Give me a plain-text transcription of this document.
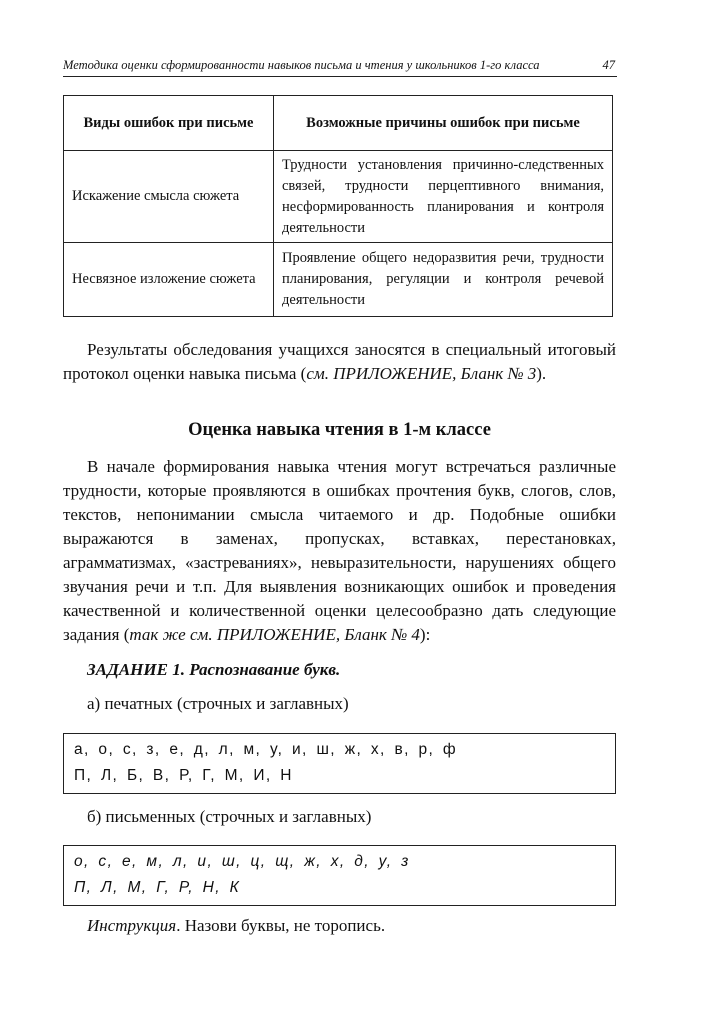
Методика оценки сформированности навыков письма и чтения у школьников 1-го класса	47
Виды ошибок при письме	Возможные причины ошибок при письме
Искажение смысла сюжета	Трудности установления причинно-следственных связей, трудности перцептивного внимания, несформированность планирования и контроля деятельности
Несвязное изложение сюжета	Проявление общего недоразвития речи, трудности планирования, регуляции и контроля речевой деятельности
Результаты обследования учащихся заносятся в специальный итоговый протокол оценки навыка письма (см. ПРИЛОЖЕНИЕ, Бланк № 3).
Оценка навыка чтения в 1-м классе
В начале формирования навыка чтения могут встречаться различные трудности, которые проявляются в ошибках прочтения букв, слогов, слов, текстов, непонимании смысла читаемого и др. Подобные ошибки выражаются в заменах, пропусках, вставках, перестановках, аграмматизмах, «застреваниях», невыразительности, нарушениях общего звучания речи и т.п. Для выявления возникающих ошибок и проведения качественной и количественной оценки целесообразно дать следующие задания (так же см. ПРИЛОЖЕНИЕ, Бланк № 4):
ЗАДАНИЕ 1. Распознавание букв.
а) печатных (строчных и заглавных)
а, о, с, з, е, д, л, м, у, и, ш, ж, х, в, р, ф
П, Л, Б, В, Р, Г, М, И, Н
б) письменных (строчных и заглавных)
о, с, е, м, л, и, ш, ц, щ, ж, х, д, у, з
П, Л, М, Г, Р, Н, К
Инструкция. Назови буквы, не торопись.
